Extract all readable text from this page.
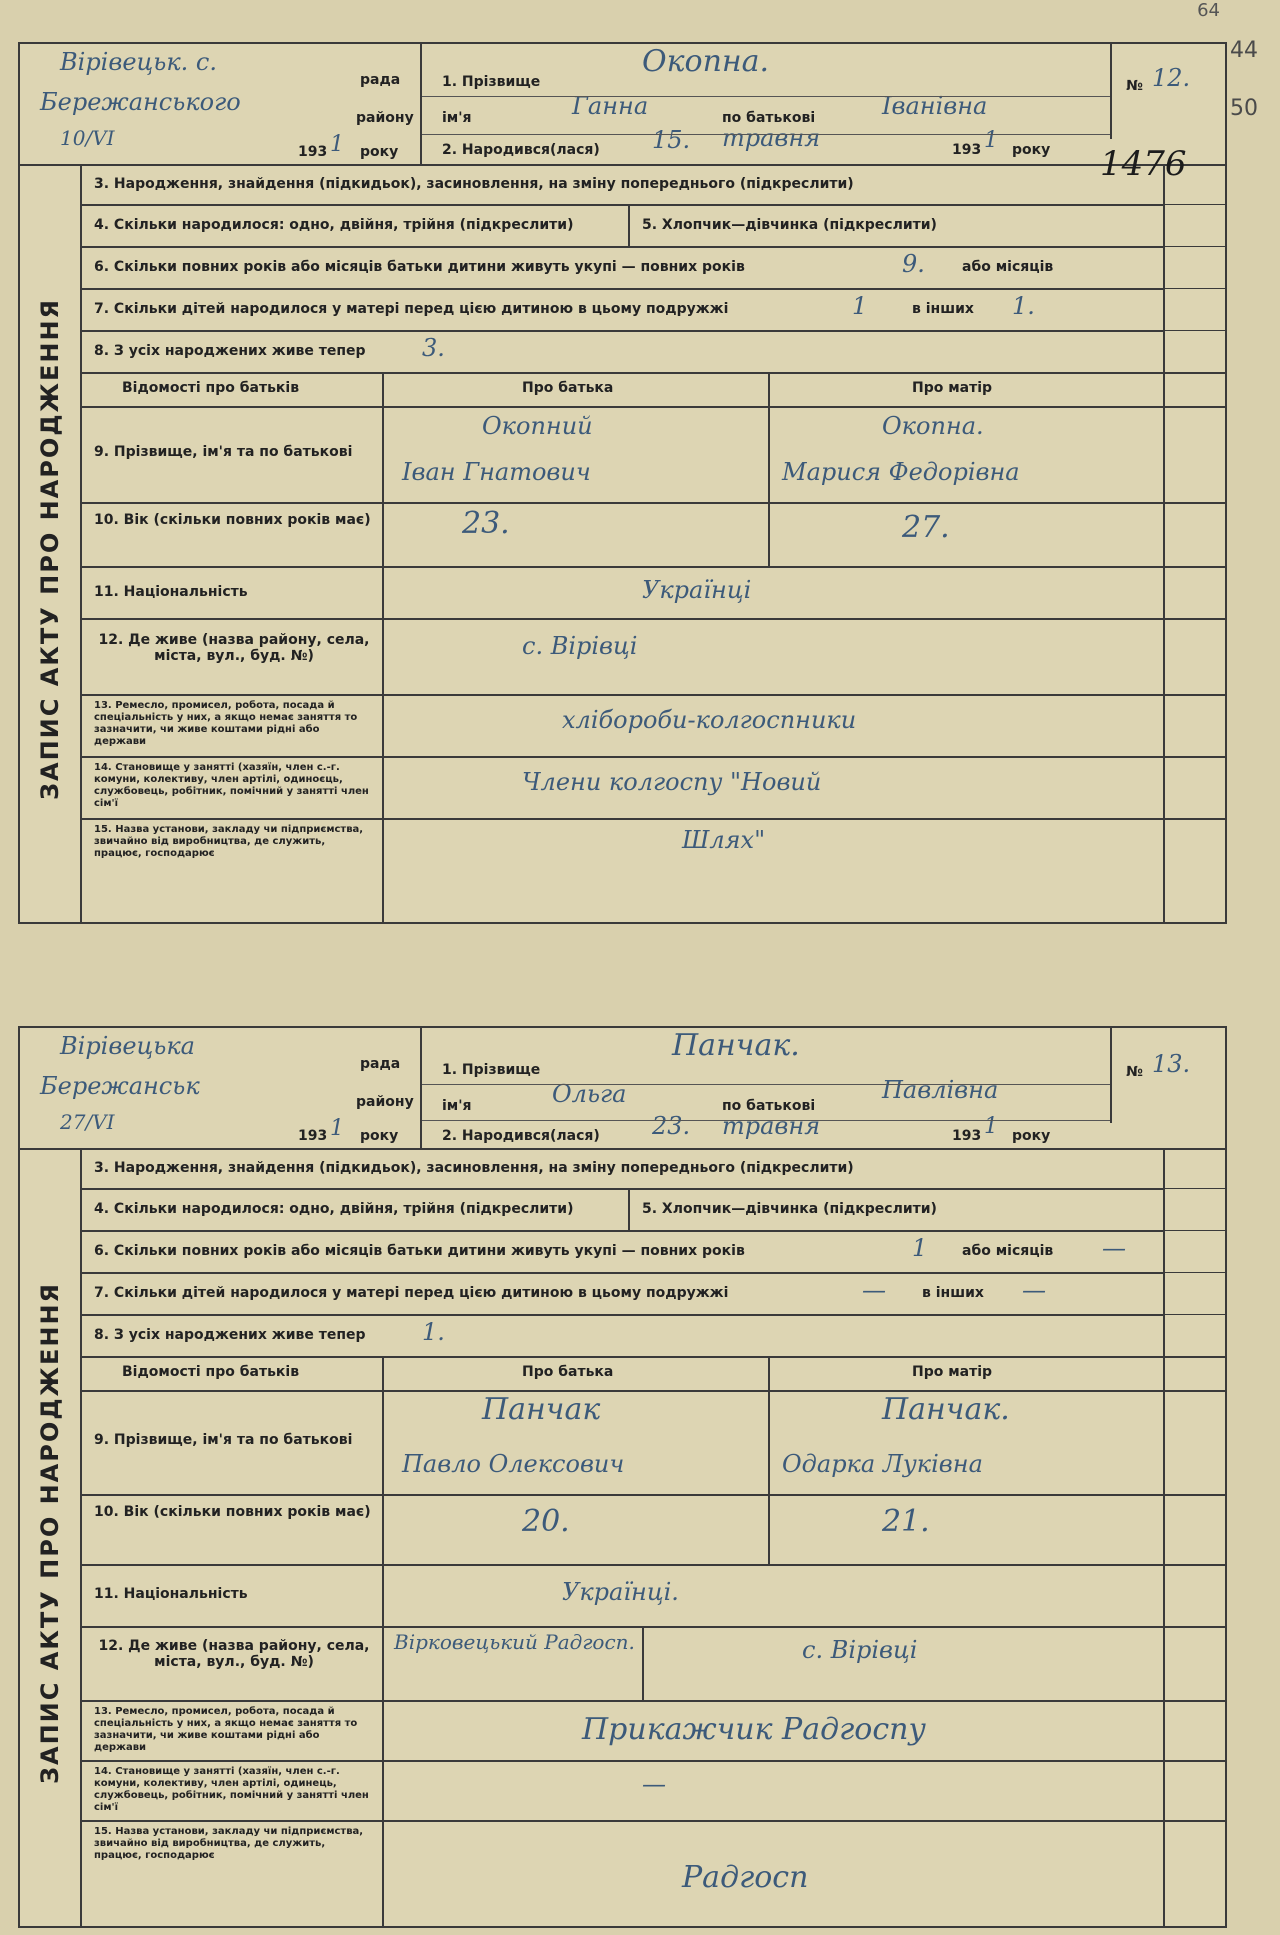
64
44
50
Вірівецьк. с.
рада
Бережанського
району
10/VI
193 1 року
1. Прізвище
Окопна.
ім'я	Ганна	по батькові	Іванівна
2. Народився(лася) 15. травня	193 1 року
№ 12.
1476
ЗАПИС АКТУ ПРО НАРОДЖЕННЯ
3. Народження, знайдення (підкидьок), засиновлення, на зміну попереднього (підкреслити)
4. Скільки народилося: одно, двійня, трійня (підкреслити)	5. Хлопчик—дівчинка (підкреслити)
6. Скільки повних років або місяців батьки дитини живуть укупі — повних років	9.	або місяців
7. Скільки дітей народилося у матері перед цією дитиною в цьому подружжі	1	в інших 1.
8. З усіх народжених живе тепер 3.
Відомості про батьків	Про батька	Про матір
9. Прізвище, ім'я та по батькові
Окопний
Іван Гнатович
Окопна.
Марися Федорівна
10. Вік (скільки повних років має)	23.	27.
11. Національність	Українці
12. Де живе (назва району, села, міста, вул., буд. №)	с. Вірівці
13. Ремесло, промисел, робота, посада й спеціальність у них, а якщо немає заняття то зазначити, чи живе коштами рідні або держави
хлібороби-колгоспники
14. Становище у занятті (хазяїн, член с.-г. комуни, колективу, член артілі, одиноєць, службовець, робітник, помічний у занятті член сім'ї
Члени колгоспу "Новий
15. Назва установи, закладу чи підприємства, звичайно від виробництва, де служить, працює, господарює	Шлях"
Вірівецька
рада
Бережанськ
району
27/VI
193 1 року
1. Прізвище
Панчак.
ім'я	Ольга	по батькові
Павлівна
2. Народився(лася) 23. травня	193 1 року
№ 13.
ЗАПИС АКТУ ПРО НАРОДЖЕННЯ
3. Народження, знайдення (підкидьок), засиновлення, на зміну попереднього (підкреслити)
4. Скільки народилося: одно, двійня, трійня (підкреслити)	5. Хлопчик—дівчинка (підкреслити)
6. Скільки повних років або місяців батьки дитини живуть укупі — повних років	1 або місяців —
7. Скільки дітей народилося у матері перед цією дитиною в цьому подружжі	—	в інших —
8. З усіх народжених живе тепер 1.
Відомості про батьків	Про батька	Про матір
9. Прізвище, ім'я та по батькові
Панчак
Павло Олексович
Панчак.
Одарка Луківна
10. Вік (скільки повних років має)	20.	21.
11. Національність	Українці.
12. Де живе (назва району, села, міста, вул., буд. №)
Вірковецький Радгосп.	с. Вірівці
13. Ремесло, промисел, робота, посада й спеціальність у них, а якщо немає заняття то зазначити, чи живе коштами рідні або держави
Прикажчик Радгоспу
14. Становище у занятті (хазяїн, член с.-г. комуни, колективу, член артілі, одинець, службовець, робітник, помічний у занятті член сім'ї
—
15. Назва установи, закладу чи підприємства, звичайно від виробництва, де служить, працює, господарює
Радгосп
